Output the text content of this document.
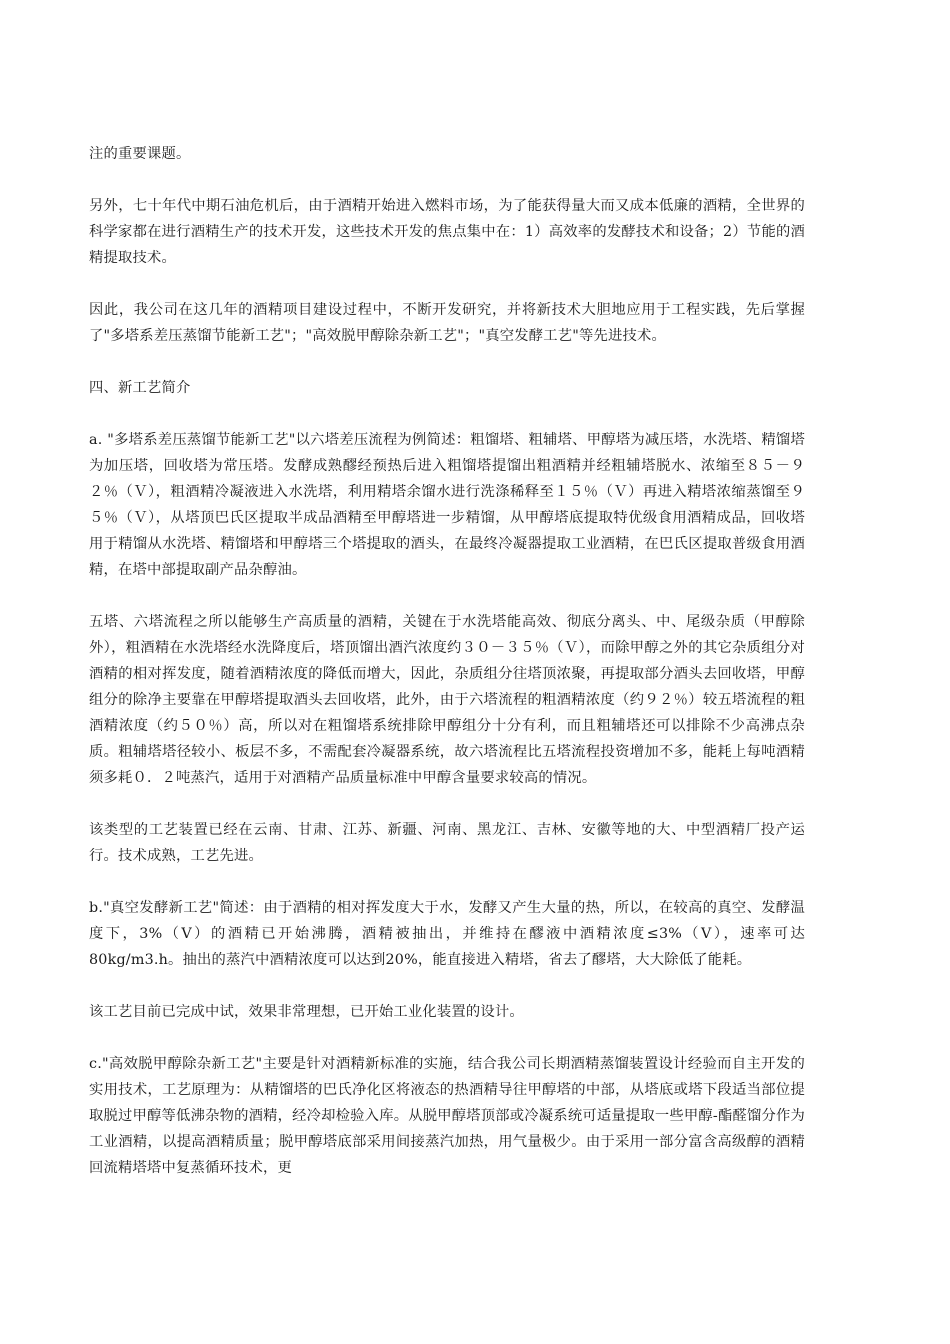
注的重要课题。

另外，七十年代中期石油危机后，由于酒精开始进入燃料市场，为了能获得量大而又成本低廉的酒精，全世界的科学家都在进行酒精生产的技术开发，这些技术开发的焦点集中在：1）高效率的发酵技术和设备；2）节能的酒精提取技术。

因此，我公司在这几年的酒精项目建设过程中，不断开发研究，并将新技术大胆地应用于工程实践，先后掌握了"多塔系差压蒸馏节能新工艺"；"高效脱甲醇除杂新工艺"；"真空发酵工艺"等先进技术。

四、新工艺简介

a. "多塔系差压蒸馏节能新工艺"以六塔差压流程为例简述：粗馏塔、粗辅塔、甲醇塔为减压塔，水洗塔、精馏塔为加压塔，回收塔为常压塔。发酵成熟醪经预热后进入粗馏塔提馏出粗酒精并经粗辅塔脱水、浓缩至８５－９２％（Ｖ），粗酒精冷凝液进入水洗塔，利用精塔余馏水进行洗涤稀释至１５％（Ｖ）再进入精塔浓缩蒸馏至９５％（Ｖ），从塔顶巴氏区提取半成品酒精至甲醇塔进一步精馏，从甲醇塔底提取特优级食用酒精成品，回收塔用于精馏从水洗塔、精馏塔和甲醇塔三个塔提取的酒头，在最终冷凝器提取工业酒精，在巴氏区提取普级食用酒精，在塔中部提取副产品杂醇油。

五塔、六塔流程之所以能够生产高质量的酒精，关键在于水洗塔能高效、彻底分离头、中、尾级杂质（甲醇除外），粗酒精在水洗塔经水洗降度后，塔顶馏出酒汽浓度约３０－３５％（Ｖ），而除甲醇之外的其它杂质组分对酒精的相对挥发度，随着酒精浓度的降低而增大，因此，杂质组分往塔顶浓聚，再提取部分酒头去回收塔，甲醇组分的除净主要靠在甲醇塔提取酒头去回收塔，此外，由于六塔流程的粗酒精浓度（约９２％）较五塔流程的粗酒精浓度（约５０％）高，所以对在粗馏塔系统排除甲醇组分十分有利，而且粗辅塔还可以排除不少高沸点杂质。粗辅塔塔径较小、板层不多，不需配套冷凝器系统，故六塔流程比五塔流程投资增加不多，能耗上每吨酒精须多耗０．２吨蒸汽，适用于对酒精产品质量标准中甲醇含量要求较高的情况。

该类型的工艺装置已经在云南、甘肃、江苏、新疆、河南、黑龙江、吉林、安徽等地的大、中型酒精厂投产运行。技术成熟，工艺先进。

b."真空发酵新工艺"简述：由于酒精的相对挥发度大于水，发酵又产生大量的热，所以，在较高的真空、发酵温度下，3%（V）的酒精已开始沸腾，酒精被抽出，并维持在醪液中酒精浓度≤3%（V），速率可达80kg/m3.h。抽出的蒸汽中酒精浓度可以达到20%，能直接进入精塔，省去了醪塔，大大除低了能耗。

该工艺目前已完成中试，效果非常理想，已开始工业化装置的设计。

c."高效脱甲醇除杂新工艺"主要是针对酒精新标准的实施，结合我公司长期酒精蒸馏装置设计经验而自主开发的实用技术，工艺原理为：从精馏塔的巴氏净化区将液态的热酒精导往甲醇塔的中部，从塔底或塔下段适当部位提取脱过甲醇等低沸杂物的酒精，经冷却检验入库。从脱甲醇塔顶部或冷凝系统可适量提取一些甲醇-酯醛馏分作为工业酒精，以提高酒精质量；脱甲醇塔底部采用间接蒸汽加热，用气量极少。由于采用一部分富含高级醇的酒精回流精塔塔中复蒸循环技术，更
